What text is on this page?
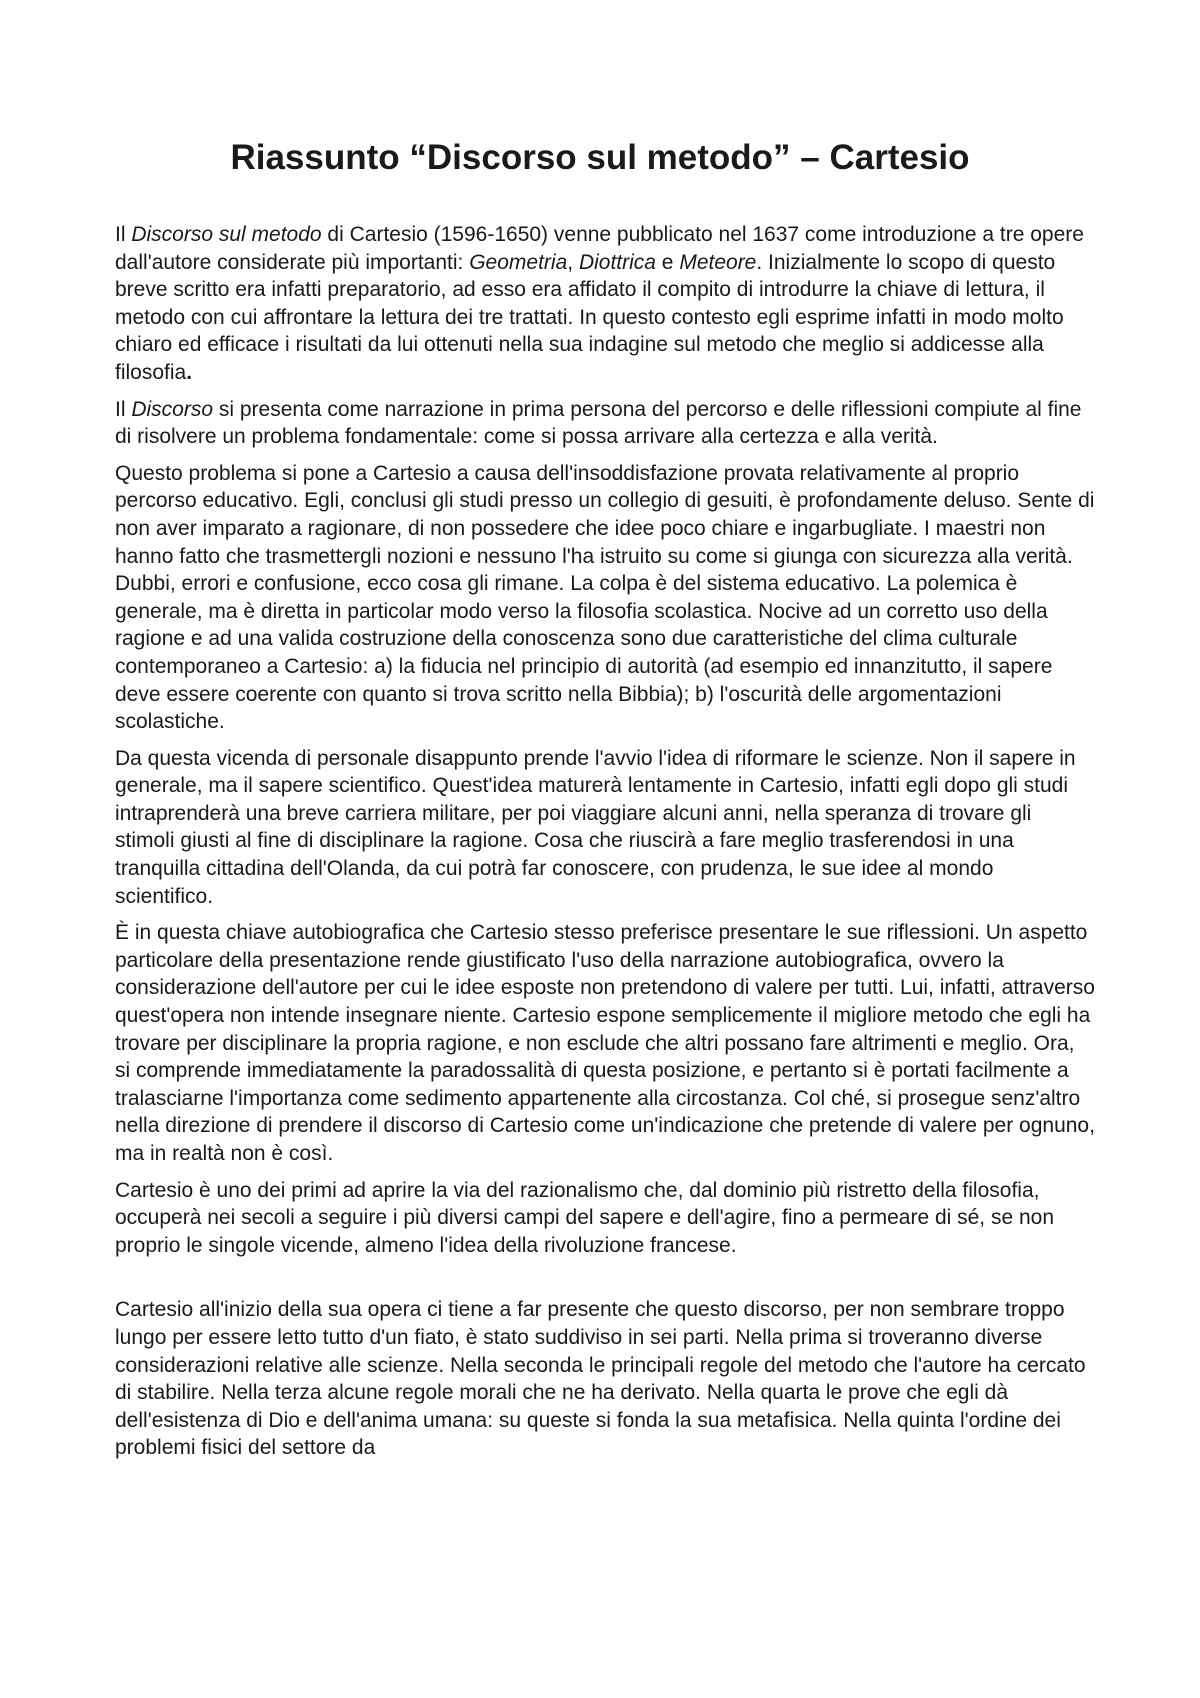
Riassunto “Discorso sul metodo” – Cartesio

Il Discorso sul metodo di Cartesio (1596-1650) venne pubblicato nel 1637 come introduzione a tre opere dall'autore considerate più importanti: Geometria, Diottrica e Meteore. Inizialmente lo scopo di questo breve scritto era infatti preparatorio, ad esso era affidato il compito di introdurre la chiave di lettura, il metodo con cui affrontare la lettura dei tre trattati. In questo contesto egli esprime infatti in modo molto chiaro ed efficace i risultati da lui ottenuti nella sua indagine sul metodo che meglio si addicesse alla filosofia.

Il Discorso si presenta come narrazione in prima persona del percorso e delle riflessioni compiute al fine di risolvere un problema fondamentale: come si possa arrivare alla certezza e alla verità.

Questo problema si pone a Cartesio a causa dell'insoddisfazione provata relativamente al proprio percorso educativo. Egli, conclusi gli studi presso un collegio di gesuiti, è profondamente deluso. Sente di non aver imparato a ragionare, di non possedere che idee poco chiare e ingarbugliate. I maestri non hanno fatto che trasmettergli nozioni e nessuno l'ha istruito su come si giunga con sicurezza alla verità. Dubbi, errori e confusione, ecco cosa gli rimane. La colpa è del sistema educativo. La polemica è generale, ma è diretta in particolar modo verso la filosofia scolastica. Nocive ad un corretto uso della ragione e ad una valida costruzione della conoscenza sono due caratteristiche del clima culturale contemporaneo a Cartesio: a) la fiducia nel principio di autorità (ad esempio ed innanzitutto, il sapere deve essere coerente con quanto si trova scritto nella Bibbia); b) l'oscurità delle argomentazioni scolastiche.

Da questa vicenda di personale disappunto prende l'avvio l'idea di riformare le scienze. Non il sapere in generale, ma il sapere scientifico. Quest'idea maturerà lentamente in Cartesio, infatti egli dopo gli studi intraprenderà una breve carriera militare, per poi viaggiare alcuni anni, nella speranza di trovare gli stimoli giusti al fine di disciplinare la ragione. Cosa che riuscirà a fare meglio trasferendosi in una tranquilla cittadina dell'Olanda, da cui potrà far conoscere, con prudenza, le sue idee al mondo scientifico.

È in questa chiave autobiografica che Cartesio stesso preferisce presentare le sue riflessioni. Un aspetto particolare della presentazione rende giustificato l'uso della narrazione autobiografica, ovvero la considerazione dell'autore per cui le idee esposte non pretendono di valere per tutti. Lui, infatti, attraverso quest'opera non intende insegnare niente. Cartesio espone semplicemente il migliore metodo che egli ha trovare per disciplinare la propria ragione, e non esclude che altri possano fare altrimenti e meglio. Ora, si comprende immediatamente la paradossalità di questa posizione, e pertanto si è portati facilmente a tralasciarne l'importanza come sedimento appartenente alla circostanza. Col ché, si prosegue senz'altro nella direzione di prendere il discorso di Cartesio come un'indicazione che pretende di valere per ognuno, ma in realtà non è così.

Cartesio è uno dei primi ad aprire la via del razionalismo che, dal dominio più ristretto della filosofia, occuperà nei secoli a seguire i più diversi campi del sapere e dell'agire, fino a permeare di sé, se non proprio le singole vicende, almeno l'idea della rivoluzione francese.

Cartesio all'inizio della sua opera ci tiene a far presente che questo discorso, per non sembrare troppo lungo per essere letto tutto d'un fiato, è stato suddiviso in sei parti. Nella prima si troveranno diverse considerazioni relative alle scienze. Nella seconda le principali regole del metodo che l'autore ha cercato di stabilire. Nella terza alcune regole morali che ne ha derivato. Nella quarta le prove che egli dà dell'esistenza di Dio e dell'anima umana: su queste si fonda la sua metafisica. Nella quinta l'ordine dei problemi fisici del settore da
